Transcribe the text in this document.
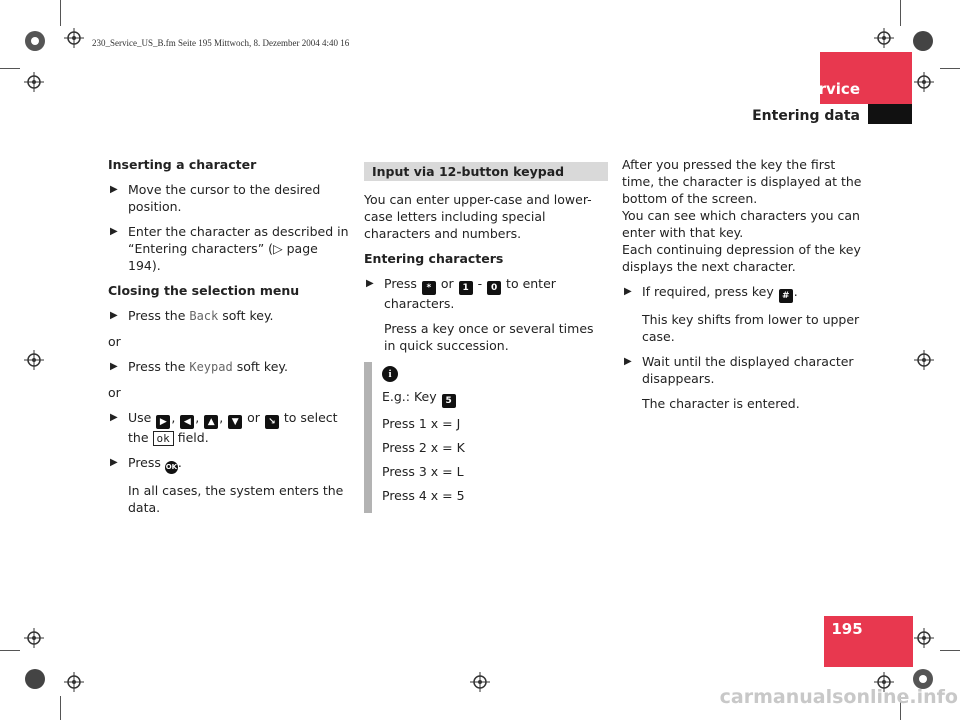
230_Service_US_B.fm Seite 195 Mittwoch, 8. Dezember 2004 4:40 16
Service
Entering data
Inserting a character
▶ Move the cursor to the desired position.
▶ Enter the character as described in “Entering characters” (▷ page 194).
Closing the selection menu
▶ Press the Back soft key.
or
▶ Press the Keypad soft key.
or
▶ Use ▶ , ◀ , ▲ , ▼ or ↘ to select the ok field.
▶ Press OK.
In all cases, the system enters the data.
Input via 12-button keypad
You can enter upper-case and lower-case letters including special characters and numbers.
Entering characters
▶ Press * or 1 - 0 to enter characters.
Press a key once or several times in quick succession.
i
E.g.: Key 5
Press 1 x = J
Press 2 x = K
Press 3 x = L
Press 4 x = 5
After you pressed the key the first time, the character is displayed at the bottom of the screen.
You can see which characters you can enter with that key.
Each continuing depression of the key displays the next character.
▶ If required, press key # .
This key shifts from lower to upper case.
▶ Wait until the displayed character disappears.
The character is entered.
195
carmanualsonline.info
